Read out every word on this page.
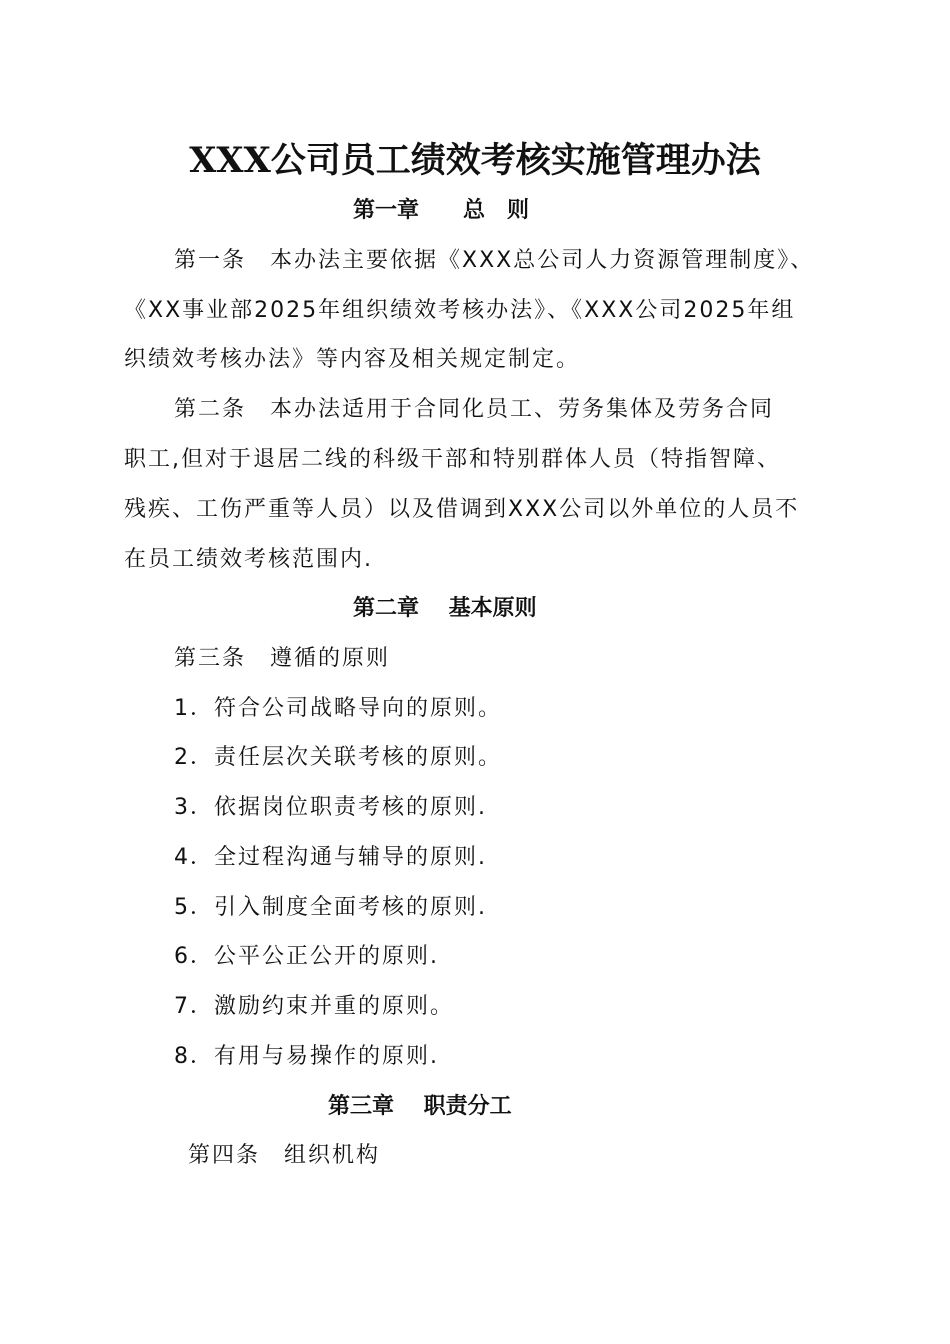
XXX公司员工绩效考核实施管理办法
第一章　　总　则
第一条　本办法主要依据《XXX总公司人力资源管理制度》、
《XX事业部2025年组织绩效考核办法》、《XXX公司2025年组
织绩效考核办法》等内容及相关规定制定。
第二条　本办法适用于合同化员工、劳务集体及劳务合同
职工,但对于退居二线的科级干部和特别群体人员（特指智障、
残疾、工伤严重等人员）以及借调到XXX公司以外单位的人员不
在员工绩效考核范围内.
第二章　 基本原则
第三条　遵循的原则
1．符合公司战略导向的原则。
2．责任层次关联考核的原则。
3．依据岗位职责考核的原则.
4．全过程沟通与辅导的原则.
5．引入制度全面考核的原则.
6．公平公正公开的原则.
7．激励约束并重的原则。
8．有用与易操作的原则.
第三章　 职责分工
第四条　组织机构
